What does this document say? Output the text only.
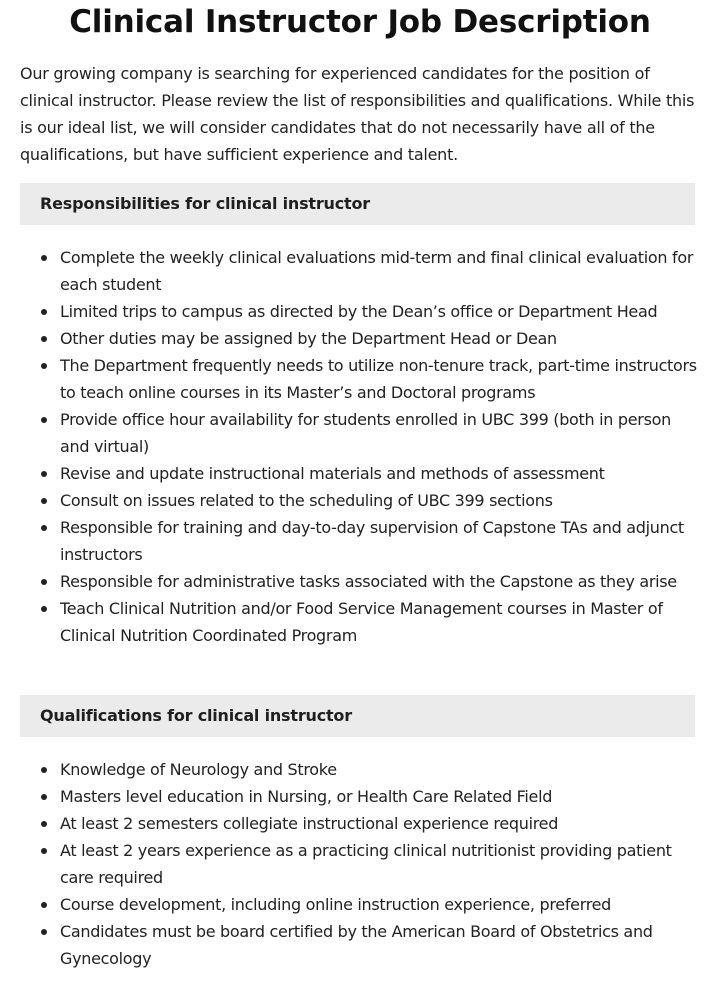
Clinical Instructor Job Description

Our growing company is searching for experienced candidates for the position of clinical instructor. Please review the list of responsibilities and qualifications. While this is our ideal list, we will consider candidates that do not necessarily have all of the qualifications, but have sufficient experience and talent.

Responsibilities for clinical instructor
Complete the weekly clinical evaluations mid-term and final clinical evaluation for each student
Limited trips to campus as directed by the Dean’s office or Department Head
Other duties may be assigned by the Department Head or Dean
The Department frequently needs to utilize non-tenure track, part-time instructors to teach online courses in its Master’s and Doctoral programs
Provide office hour availability for students enrolled in UBC 399 (both in person and virtual)
Revise and update instructional materials and methods of assessment
Consult on issues related to the scheduling of UBC 399 sections
Responsible for training and day-to-day supervision of Capstone TAs and adjunct instructors
Responsible for administrative tasks associated with the Capstone as they arise
Teach Clinical Nutrition and/or Food Service Management courses in Master of Clinical Nutrition Coordinated Program
Qualifications for clinical instructor
Knowledge of Neurology and Stroke
Masters level education in Nursing, or Health Care Related Field
At least 2 semesters collegiate instructional experience required
At least 2 years experience as a practicing clinical nutritionist providing patient care required
Course development, including online instruction experience, preferred
Candidates must be board certified by the American Board of Obstetrics and Gynecology
